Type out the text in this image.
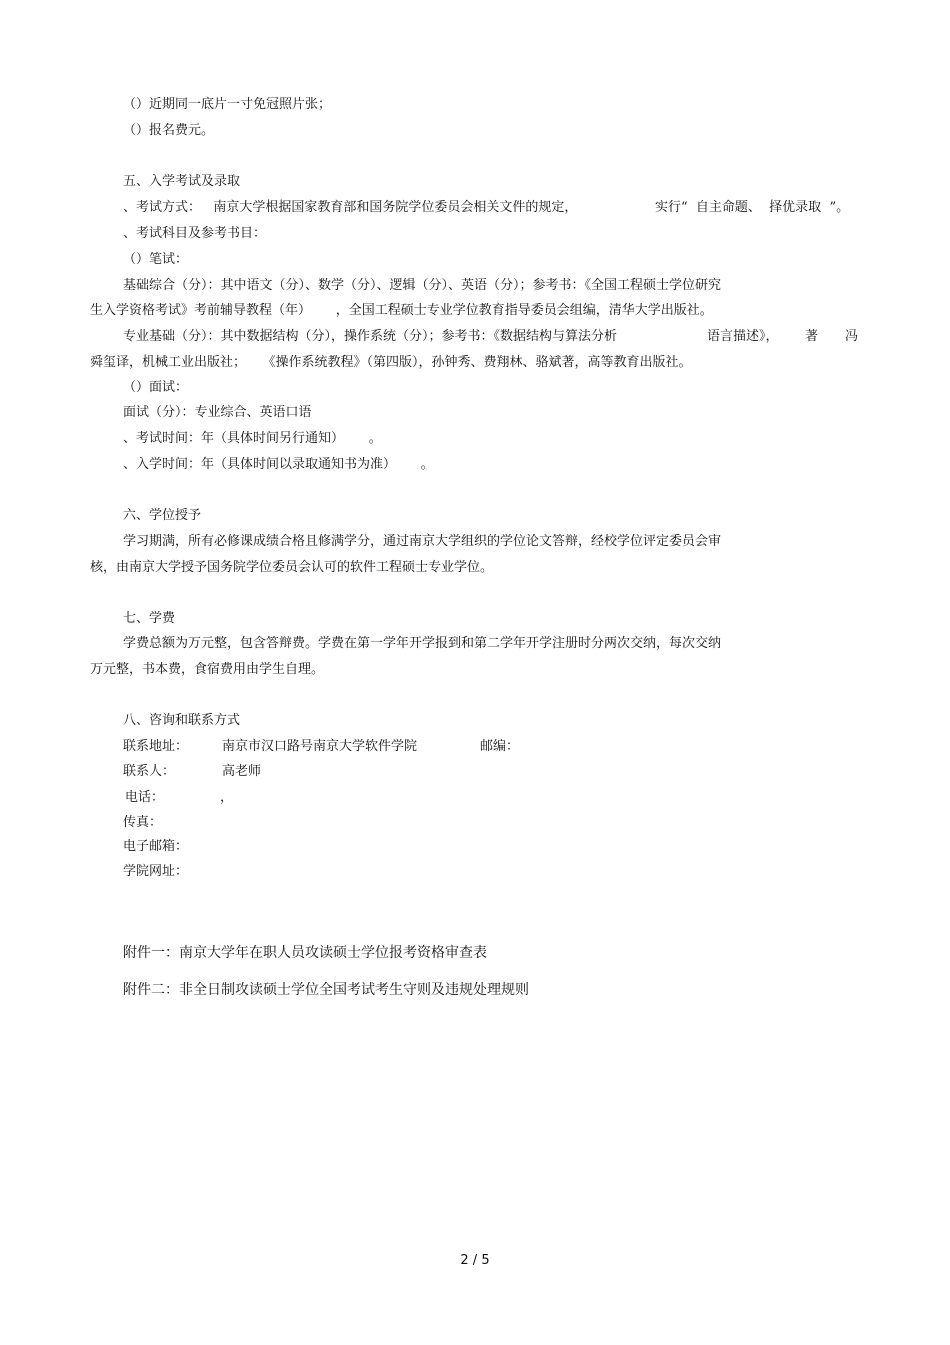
（）近期同一底片一寸免冠照片张；

（）报名费元。

五、入学考试及录取

、考试方式：   南京大学根据国家教育部和国务院学位委员会相关文件的规定，	实行“  自主命题、  择优录取  ”。

、考试科目及参考书目：

（）笔试：

基础综合（分）：其中语文（分）、数学（分）、逻辑（分）、英语（分）；参考书：《全国工程硕士学位研究

生入学资格考试》考前辅导教程（年）      ，全国工程硕士专业学位教育指导委员会组编，清华大学出版社。

专业基础（分）：其中数据结构（分），操作系统（分）；参考书：《数据结构与算法分析	语言描述》， 著 冯

舜玺译，机械工业出版社；    《操作系统教程》（第四版），孙钟秀、费翔林、骆斌著，高等教育出版社。

（）面试：

面试（分）：专业综合、英语口语

、考试时间：年（具体时间另行通知）      。

、入学时间：年（具体时间以录取通知书为准）      。

六、学位授予

学习期满，所有必修课成绩合格且修满学分，通过南京大学组织的学位论文答辩，经校学位评定委员会审

核，由南京大学授予国务院学位委员会认可的软件工程硕士专业学位。

七、学费

学费总额为万元整，包含答辩费。学费在第一学年开学报到和第二学年开学注册时分两次交纳，每次交纳

万元整，书本费，食宿费用由学生自理。

八、咨询和联系方式

联系地址：	南京市汉口路号南京大学软件学院	邮编：

联系人：	高老师

电话：	，

传真：

电子邮箱：

学院网址：

附件一：南京大学年在职人员攻读硕士学位报考资格审查表

附件二：非全日制攻读硕士学位全国考试考生守则及违规处理规则

2 / 5
